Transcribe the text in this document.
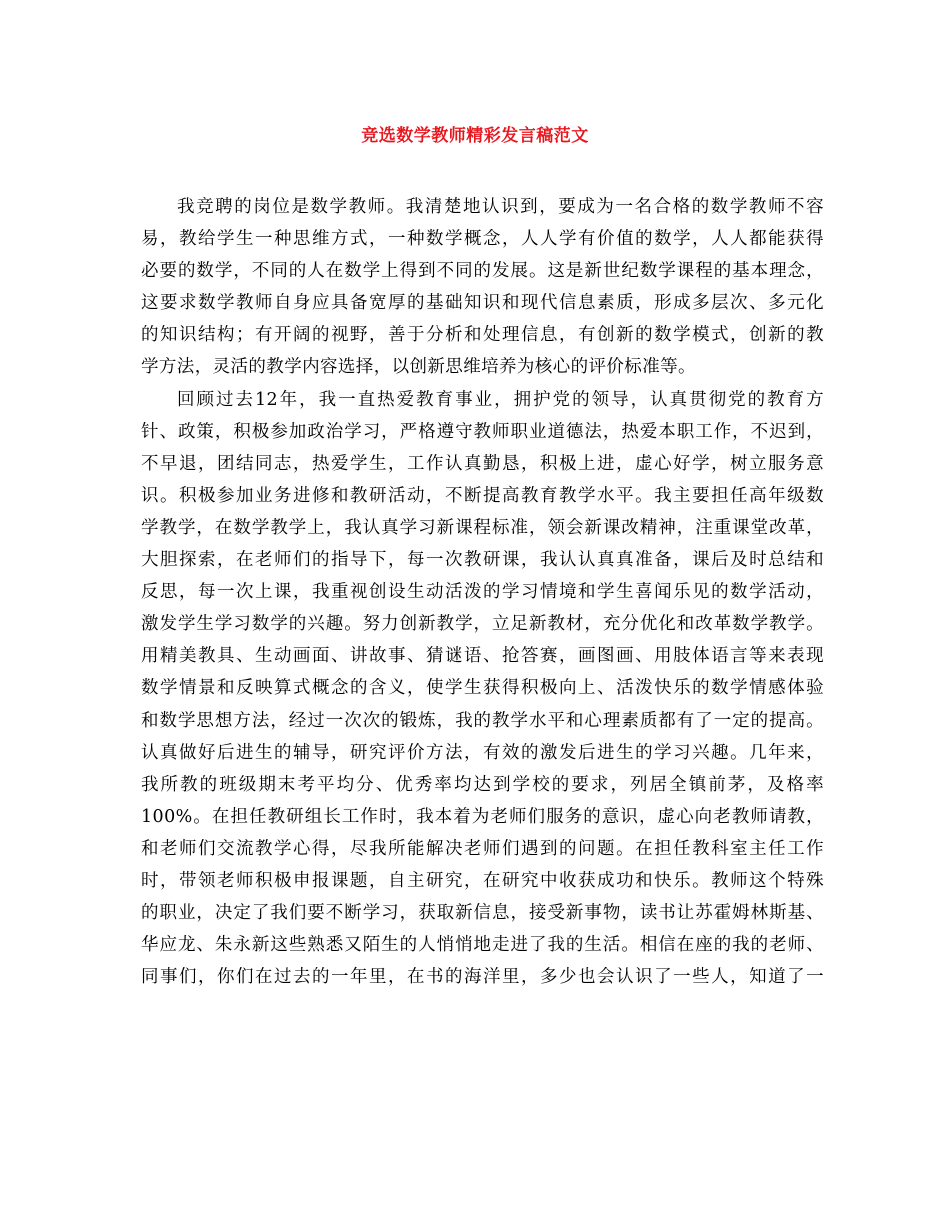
竞选数学教师精彩发言稿范文
我竞聘的岗位是数学教师。我清楚地认识到，要成为一名合格的数学教师不容
易，教给学生一种思维方式，一种数学概念，人人学有价值的数学，人人都能获得
必要的数学，不同的人在数学上得到不同的发展。这是新世纪数学课程的基本理念，
这要求数学教师自身应具备宽厚的基础知识和现代信息素质，形成多层次、多元化
的知识结构；有开阔的视野，善于分析和处理信息，有创新的数学模式，创新的教
学方法，灵活的教学内容选择，以创新思维培养为核心的评价标准等。
回顾过去12年，我一直热爱教育事业，拥护党的领导，认真贯彻党的教育方
针、政策，积极参加政治学习，严格遵守教师职业道德法，热爱本职工作，不迟到，
不早退，团结同志，热爱学生，工作认真勤恳，积极上进，虚心好学，树立服务意
识。积极参加业务进修和教研活动，不断提高教育教学水平。我主要担任高年级数
学教学，在数学教学上，我认真学习新课程标准，领会新课改精神，注重课堂改革，
大胆探索，在老师们的指导下，每一次教研课，我认认真真准备，课后及时总结和
反思，每一次上课，我重视创设生动活泼的学习情境和学生喜闻乐见的数学活动，
激发学生学习数学的兴趣。努力创新教学，立足新教材，充分优化和改革数学教学。
用精美教具、生动画面、讲故事、猜谜语、抢答赛，画图画、用肢体语言等来表现
数学情景和反映算式概念的含义，使学生获得积极向上、活泼快乐的数学情感体验
和数学思想方法，经过一次次的锻炼，我的教学水平和心理素质都有了一定的提高。
认真做好后进生的辅导，研究评价方法，有效的激发后进生的学习兴趣。几年来，
我所教的班级期末考平均分、优秀率均达到学校的要求，列居全镇前茅，及格率
100%。在担任教研组长工作时，我本着为老师们服务的意识，虚心向老教师请教，
和老师们交流教学心得，尽我所能解决老师们遇到的问题。在担任教科室主任工作
时，带领老师积极申报课题，自主研究，在研究中收获成功和快乐。教师这个特殊
的职业，决定了我们要不断学习，获取新信息，接受新事物，读书让苏霍姆林斯基、
华应龙、朱永新这些熟悉又陌生的人悄悄地走进了我的生活。相信在座的我的老师、
同事们，你们在过去的一年里，在书的海洋里，多少也会认识了一些人，知道了一
